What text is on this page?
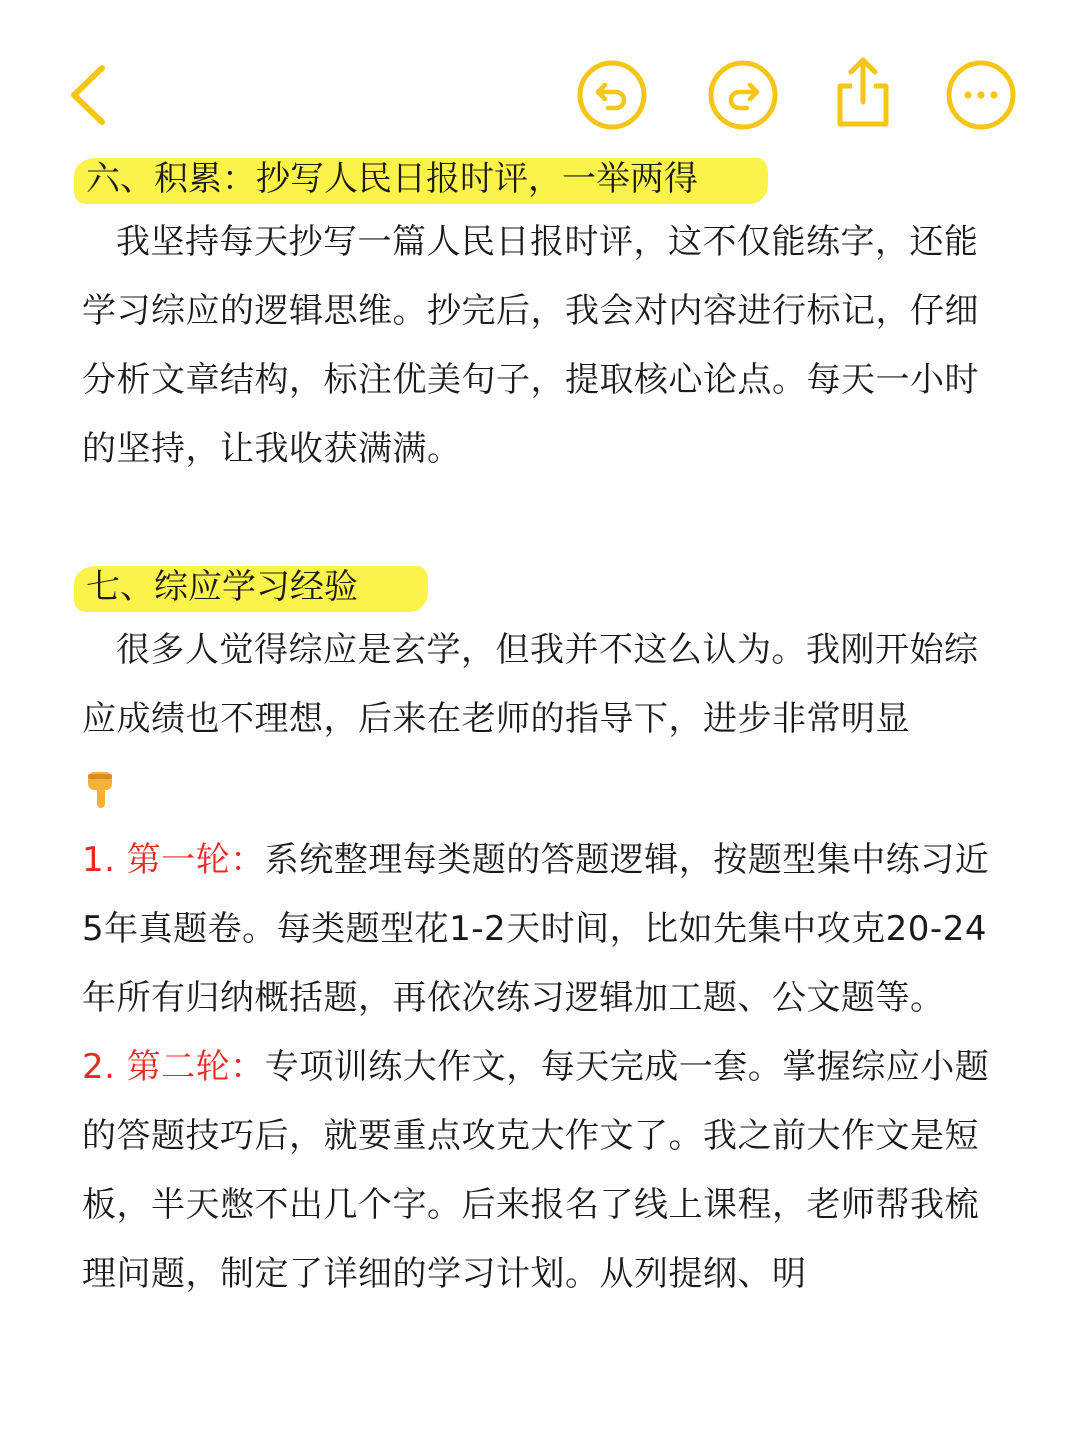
六、积累：抄写人民日报时评，一举两得

我坚持每天抄写一篇人民日报时评，这不仅能练字，还能学习综应的逻辑思维。抄完后，我会对内容进行标记，仔细分析文章结构，标注优美句子，提取核心论点。每天一小时的坚持，让我收获满满。

七、综应学习经验

很多人觉得综应是玄学，但我并不这么认为。我刚开始综应成绩也不理想，后来在老师的指导下，进步非常明显

1. 第一轮：系统整理每类题的答题逻辑，按题型集中练习近5年真题卷。每类题型花1-2天时间，比如先集中攻克20-24年所有归纳概括题，再依次练习逻辑加工题、公文题等。

2. 第二轮：专项训练大作文，每天完成一套。掌握综应小题的答题技巧后，就要重点攻克大作文了。我之前大作文是短板，半天憋不出几个字。后来报名了线上课程，老师帮我梳理问题，制定了详细的学习计划。从列提纲、明
